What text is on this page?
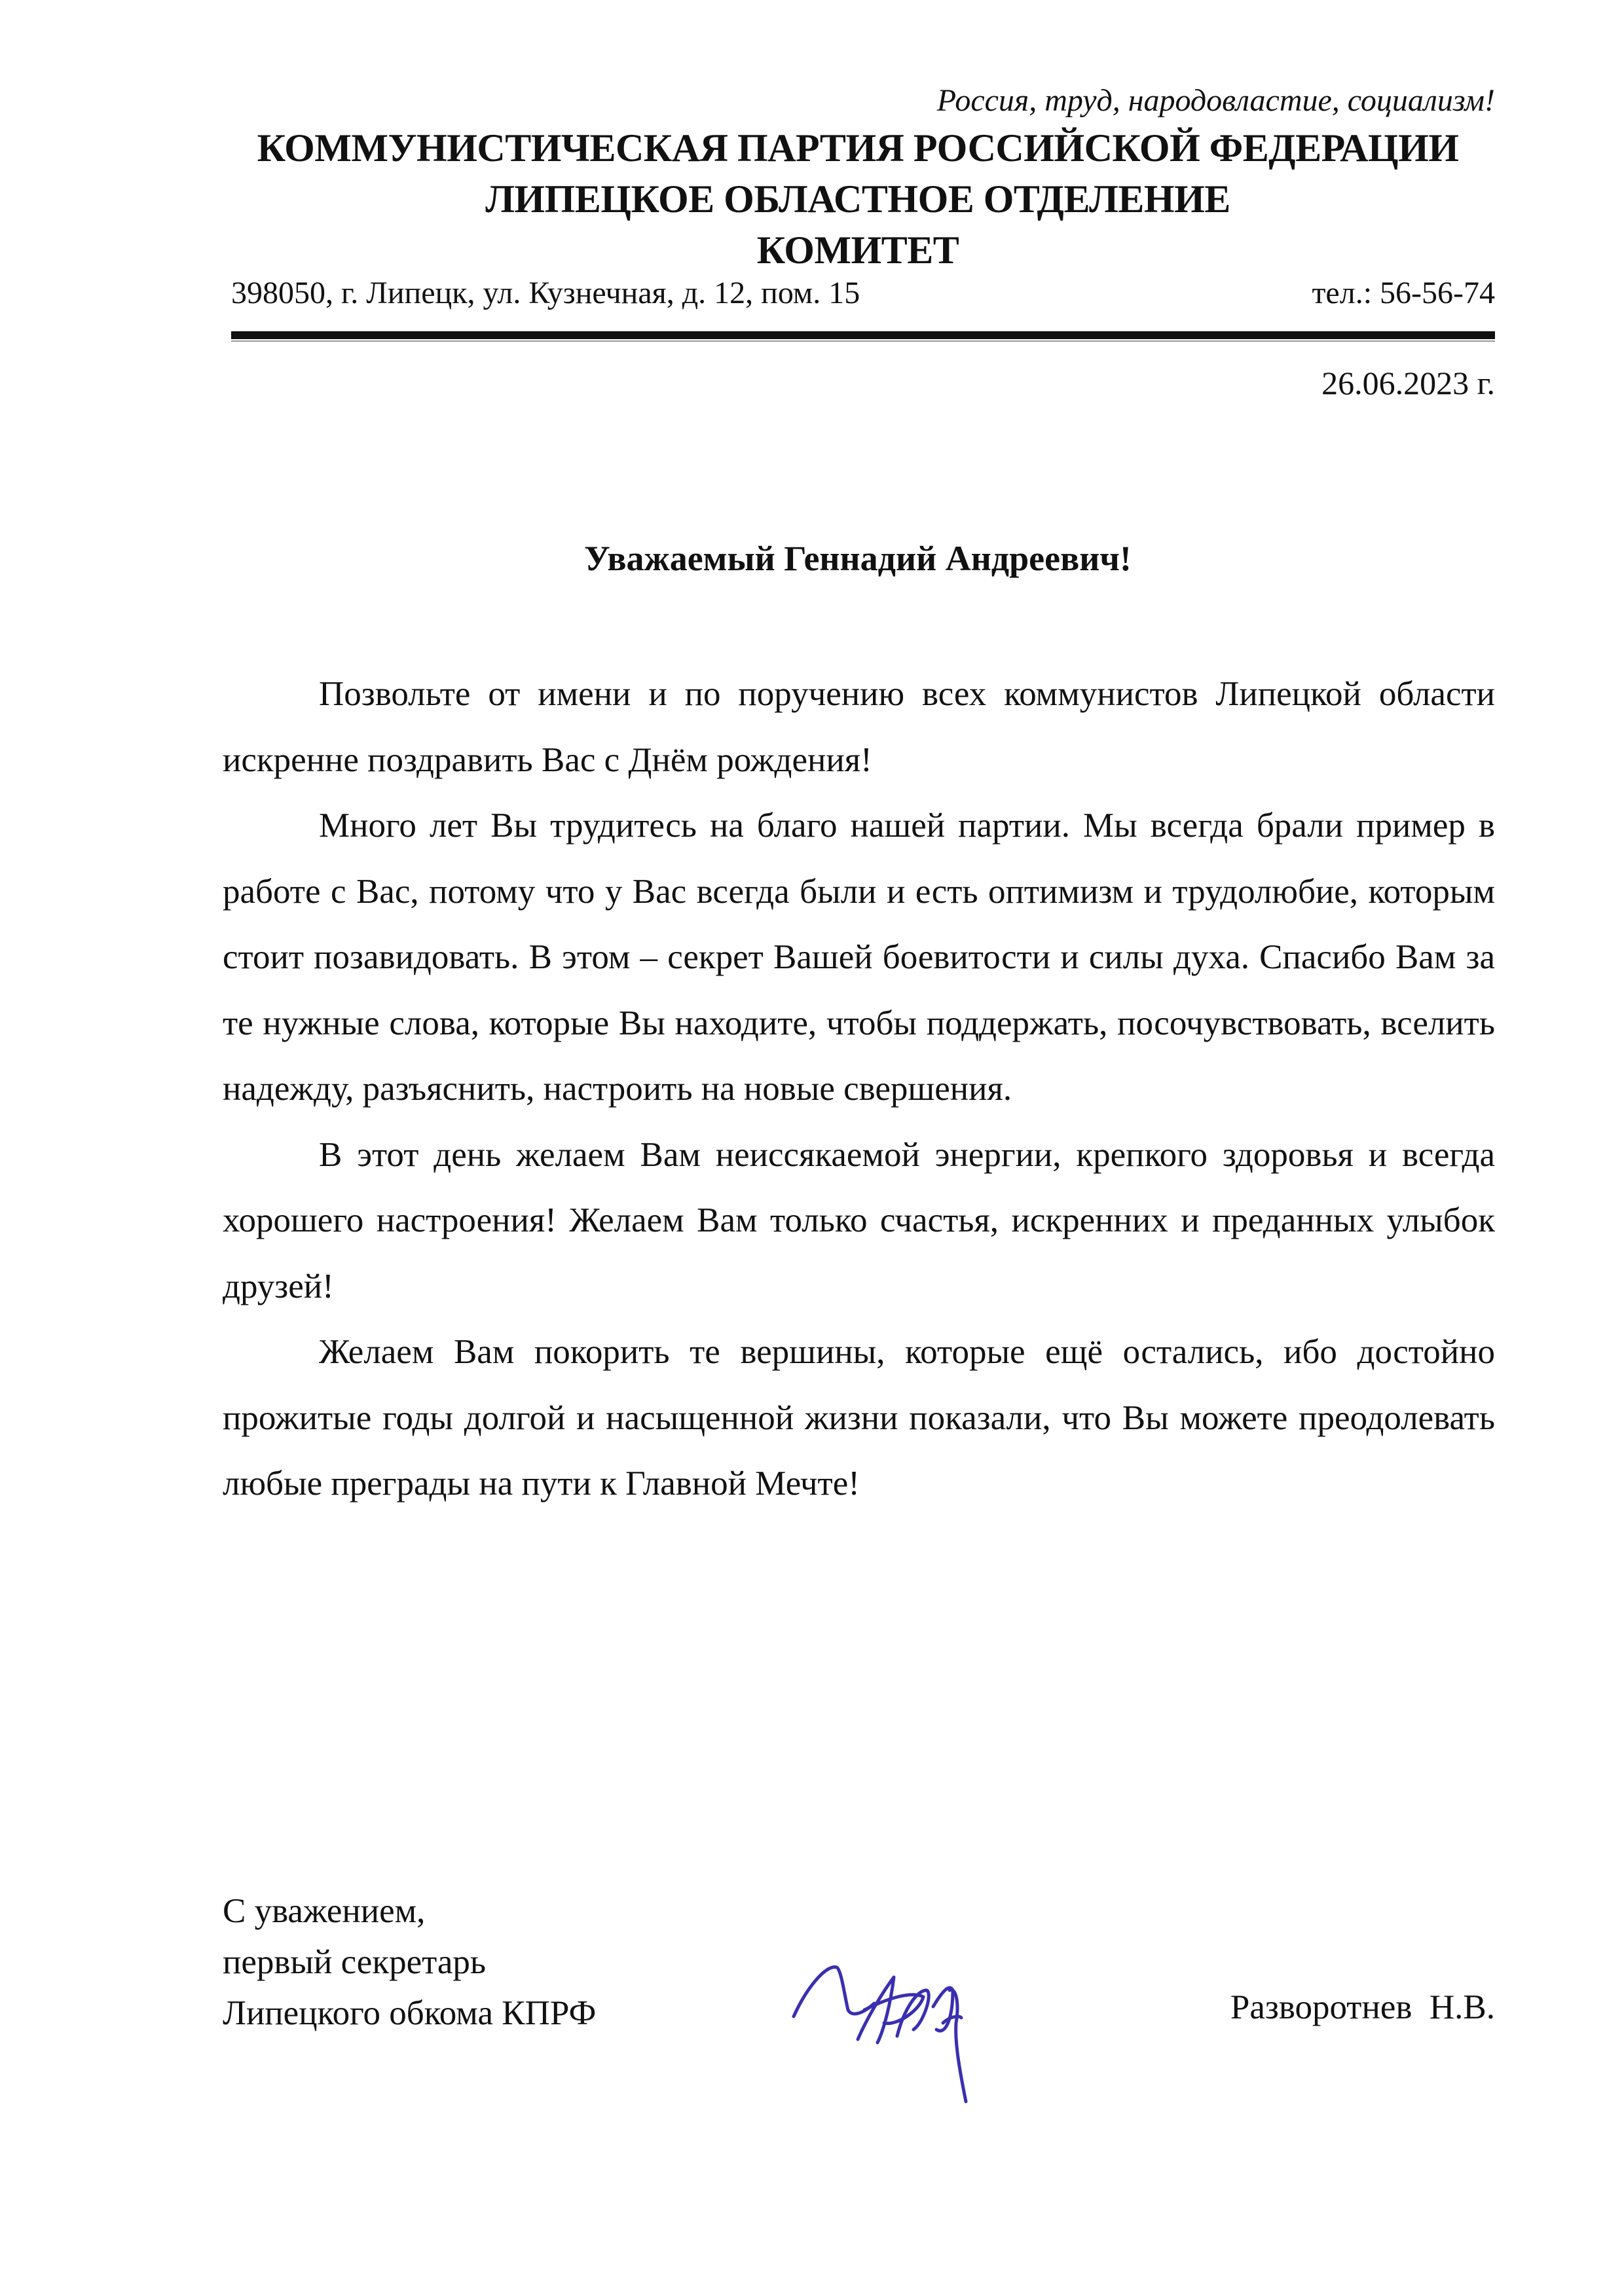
Россия, труд, народовластие, социализм!
КОММУНИСТИЧЕСКАЯ ПАРТИЯ РОССИЙСКОЙ ФЕДЕРАЦИИ
ЛИПЕЦКОЕ ОБЛАСТНОЕ ОТДЕЛЕНИЕ
КОМИТЕТ
398050, г. Липецк, ул. Кузнечная, д. 12, пом. 15	тел.: 56-56-74
26.06.2023 г.
Уважаемый Геннадий Андреевич!

Позвольте от имени и по поручению всех коммунистов Липецкой области искренне поздравить Вас с Днём рождения!

Много лет Вы трудитесь на благо нашей партии. Мы всегда брали пример в работе с Вас, потому что у Вас всегда были и есть оптимизм и трудолюбие, которым стоит позавидовать. В этом – секрет Вашей боевитости и силы духа. Спасибо Вам за те нужные слова, которые Вы находите, чтобы поддержать, посочувствовать, вселить надежду, разъяснить, настроить на новые свершения.

В этот день желаем Вам неиссякаемой энергии, крепкого здоровья и всегда хорошего настроения! Желаем Вам только счастья, искренних и преданных улыбок друзей!

Желаем Вам покорить те вершины, которые ещё остались, ибо достойно прожитые годы долгой и насыщенной жизни показали, что Вы можете преодолевать любые преграды на пути к Главной Мечте!

С уважением,
первый секретарь
Липецкого обкома КПРФ	Разворотнев  Н.В.
